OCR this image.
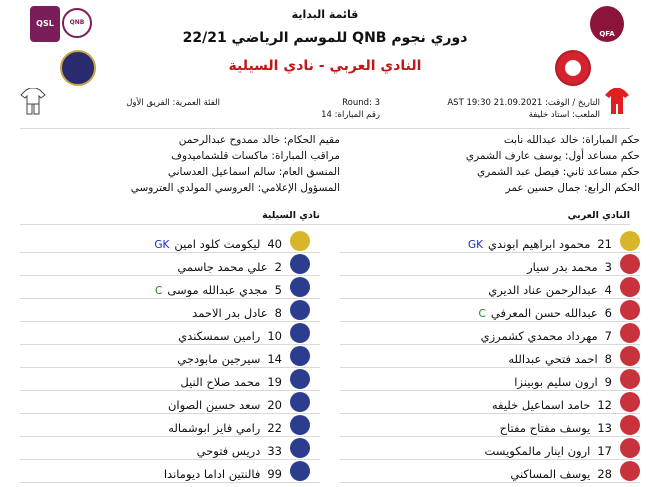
QSL	QNB
QFA
قائمة البداية
دوري نجوم QNB للموسم الرياضي 22/21
النادي العربي - نادي السيلية
التاريخ / الوقت: 21.09.2021 19:30 AST
الملعب: استاد خليفة
Round: 3
رقم المباراة: 14
الفئة العمرية: الفريق الأول
حكم المباراة: خالد عبدالله نابت
حكم مساعد أول: يوسف عارف الشمري
حكم مساعد ثاني: فيصل عبد الشمري
الحكم الرابع: جمال حسين عمر
مقيم الحكام: خالد ممدوح عبدالرحمن
مراقب المباراة: ماكسات قلشماميدوف
المنسق العام: سالم اسماعيل العدساني
المسؤول الإعلامي: العروسي المولدي العتروسي
النادي العربي
نادي السيلية
21محمود ابراهيم ابونديGK
3محمد بدر سيار
4عبدالرحمن عناد الديري
6عبدالله حسن المعرفيC
7مهرداد محمدي كشمرزي
8احمد فتحي عبدالله
9ارون سليم بوبينزا
12حامد اسماعيل خليفه
13يوسف مفتاح مفتاح
17ارون اينار مالمكويست
28يوسف المساكني
40ليكومت كلود امينGK
2علي محمد جاسمي
5مجدي عبدالله موسىC
8عادل بدر الاحمد
10رامين سمسكندي
14سيرجين مابودجي
19محمد صلاح النيل
20سعد حسين الصوان
22رامي فايز ابوشماله
33دريس فتوحي
99فالنتين اداما ديوماندا
